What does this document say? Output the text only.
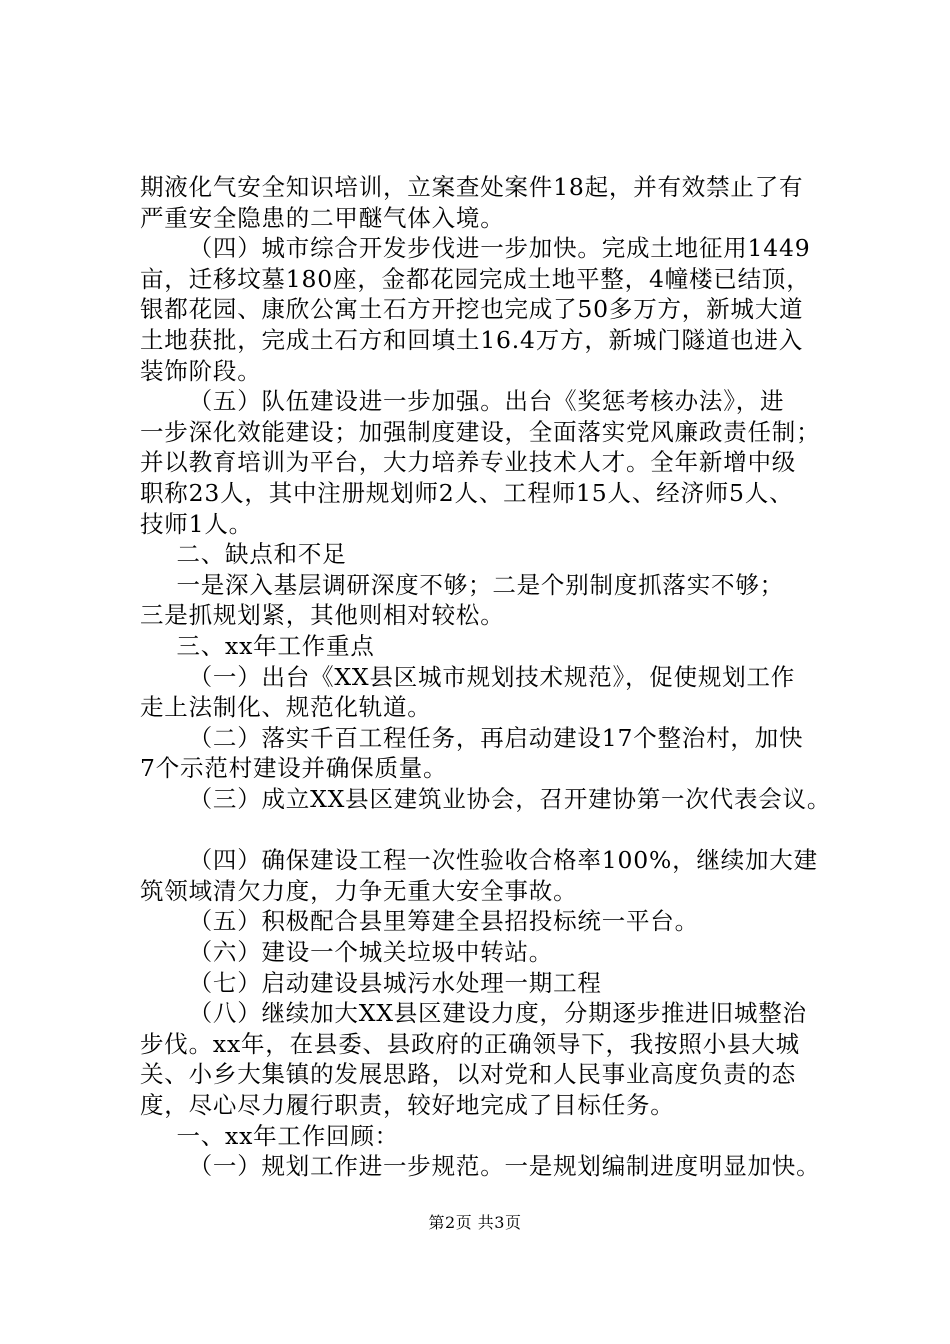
期液化气安全知识培训，立案查处案件18起，并有效禁止了有
严重安全隐患的二甲醚气体入境。
（四）城市综合开发步伐进一步加快。完成土地征用1449
亩，迁移坟墓180座，金都花园完成土地平整，4幢楼已结顶，
银都花园、康欣公寓土石方开挖也完成了50多万方，新城大道
土地获批，完成土石方和回填土16.4万方，新城门隧道也进入
装饰阶段。
（五）队伍建设进一步加强。出台《奖惩考核办法》，进
一步深化效能建设；加强制度建设，全面落实党风廉政责任制；
并以教育培训为平台，大力培养专业技术人才。全年新增中级
职称23人，其中注册规划师2人、工程师15人、经济师5人、
技师1人。
二、缺点和不足
一是深入基层调研深度不够；二是个别制度抓落实不够；
三是抓规划紧，其他则相对较松。
三、xx年工作重点
（一）出台《XX县区城市规划技术规范》，促使规划工作
走上法制化、规范化轨道。
（二）落实千百工程任务，再启动建设17个整治村，加快
7个示范村建设并确保质量。
（三）成立XX县区建筑业协会，召开建协第一次代表会议。
（四）确保建设工程一次性验收合格率100%，继续加大建
筑领域清欠力度，力争无重大安全事故。
（五）积极配合县里筹建全县招投标统一平台。
（六）建设一个城关垃圾中转站。
（七）启动建设县城污水处理一期工程
（八）继续加大XX县区建设力度，分期逐步推进旧城整治
步伐。xx年，在县委、县政府的正确领导下，我按照小县大城
关、小乡大集镇的发展思路，以对党和人民事业高度负责的态
度，尽心尽力履行职责，较好地完成了目标任务。
一、xx年工作回顾：
（一）规划工作进一步规范。一是规划编制进度明显加快。
第2页 共3页
